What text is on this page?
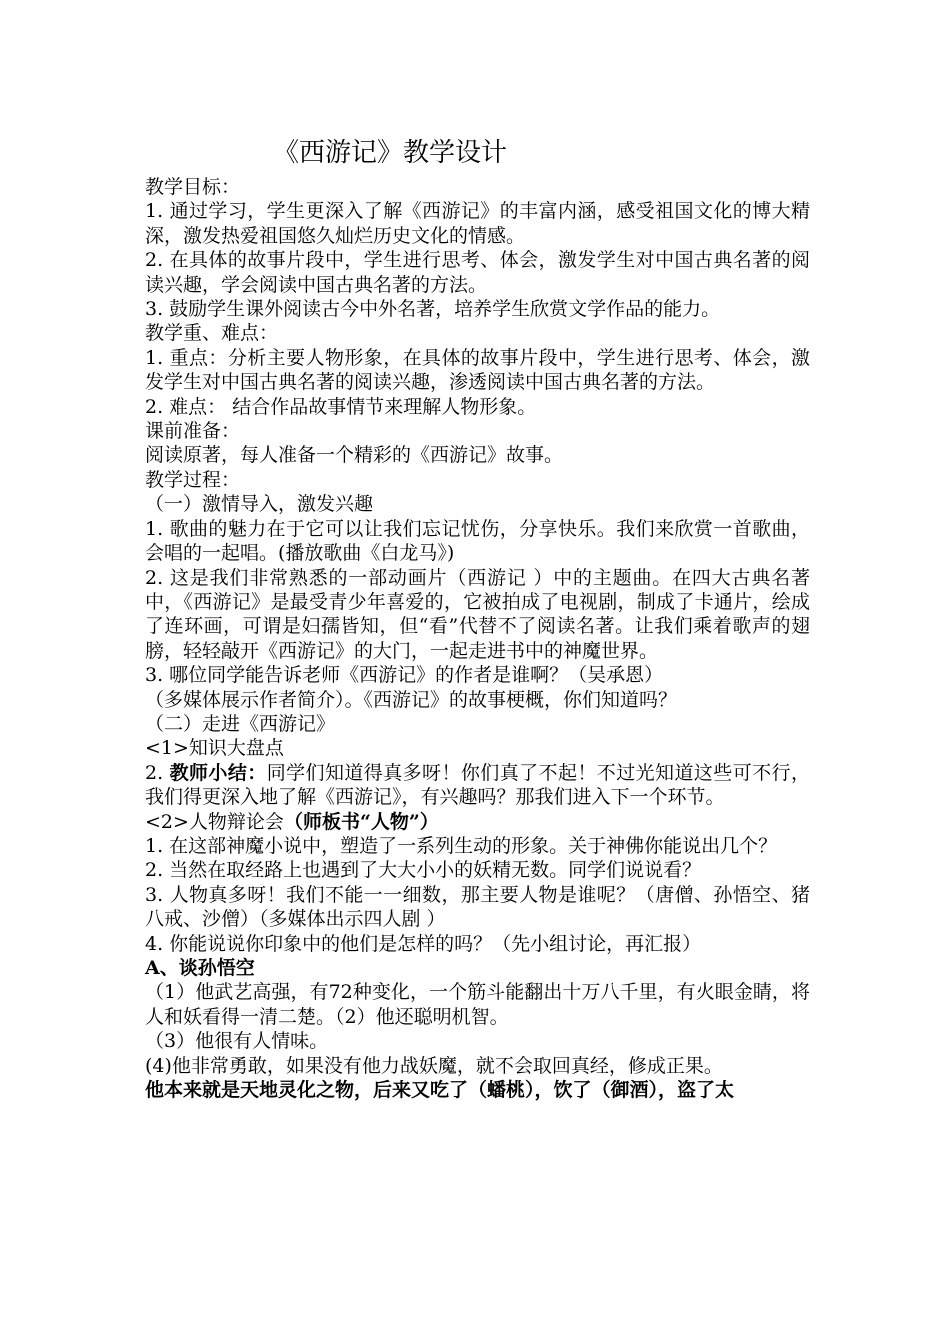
《西游记》教学设计

教学目标：

1. 通过学习，学生更深入了解《西游记》的丰富内涵，感受祖国文化的博大精深，激发热爱祖国悠久灿烂历史文化的情感。

2. 在具体的故事片段中，学生进行思考、体会，激发学生对中国古典名著的阅读兴趣，学会阅读中国古典名著的方法。

3. 鼓励学生课外阅读古今中外名著，培养学生欣赏文学作品的能力。

教学重、难点：

1. 重点：分析主要人物形象，在具体的故事片段中，学生进行思考、体会，激发学生对中国古典名著的阅读兴趣，渗透阅读中国古典名著的方法。

2. 难点： 结合作品故事情节来理解人物形象。

课前准备：

阅读原著，每人准备一个精彩的《西游记》故事。

教学过程：

（一）激情导入，激发兴趣

1. 歌曲的魅力在于它可以让我们忘记忧伤，分享快乐。我们来欣赏一首歌曲，会唱的一起唱。(播放歌曲《白龙马》)

2. 这是我们非常熟悉的一部动画片（西游记 ）中的主题曲。在四大古典名著中，《西游记》是最受青少年喜爱的，它被拍成了电视剧，制成了卡通片，绘成了连环画，可谓是妇孺皆知，但“看”代替不了阅读名著。让我们乘着歌声的翅膀，轻轻敲开《西游记》的大门，一起走进书中的神魔世界。

3. 哪位同学能告诉老师《西游记》的作者是谁啊？（吴承恩）

（多媒体展示作者简介）。《西游记》的故事梗概，你们知道吗？

（二）走进《西游记》

<1>知识大盘点

2. 教师小结：同学们知道得真多呀！你们真了不起！不过光知道这些可不行，我们得更深入地了解《西游记》，有兴趣吗？那我们进入下一个环节。

<2>人物辩论会（师板书“人物”）

1. 在这部神魔小说中，塑造了一系列生动的形象。关于神佛你能说出几个？

2. 当然在取经路上也遇到了大大小小的妖精无数。同学们说说看？

3. 人物真多呀！我们不能一一细数，那主要人物是谁呢？（唐僧、孙悟空、猪八戒、沙僧）（多媒体出示四人剧 ）

4. 你能说说你印象中的他们是怎样的吗？（先小组讨论，再汇报）

A、谈孙悟空

（1）他武艺高强，有72种变化，一个筋斗能翻出十万八千里，有火眼金睛，将人和妖看得一清二楚。（2）他还聪明机智。

（3）他很有人情味。

(4)他非常勇敢，如果没有他力战妖魔，就不会取回真经，修成正果。

他本来就是天地灵化之物，后来又吃了（蟠桃），饮了（御酒），盗了太
